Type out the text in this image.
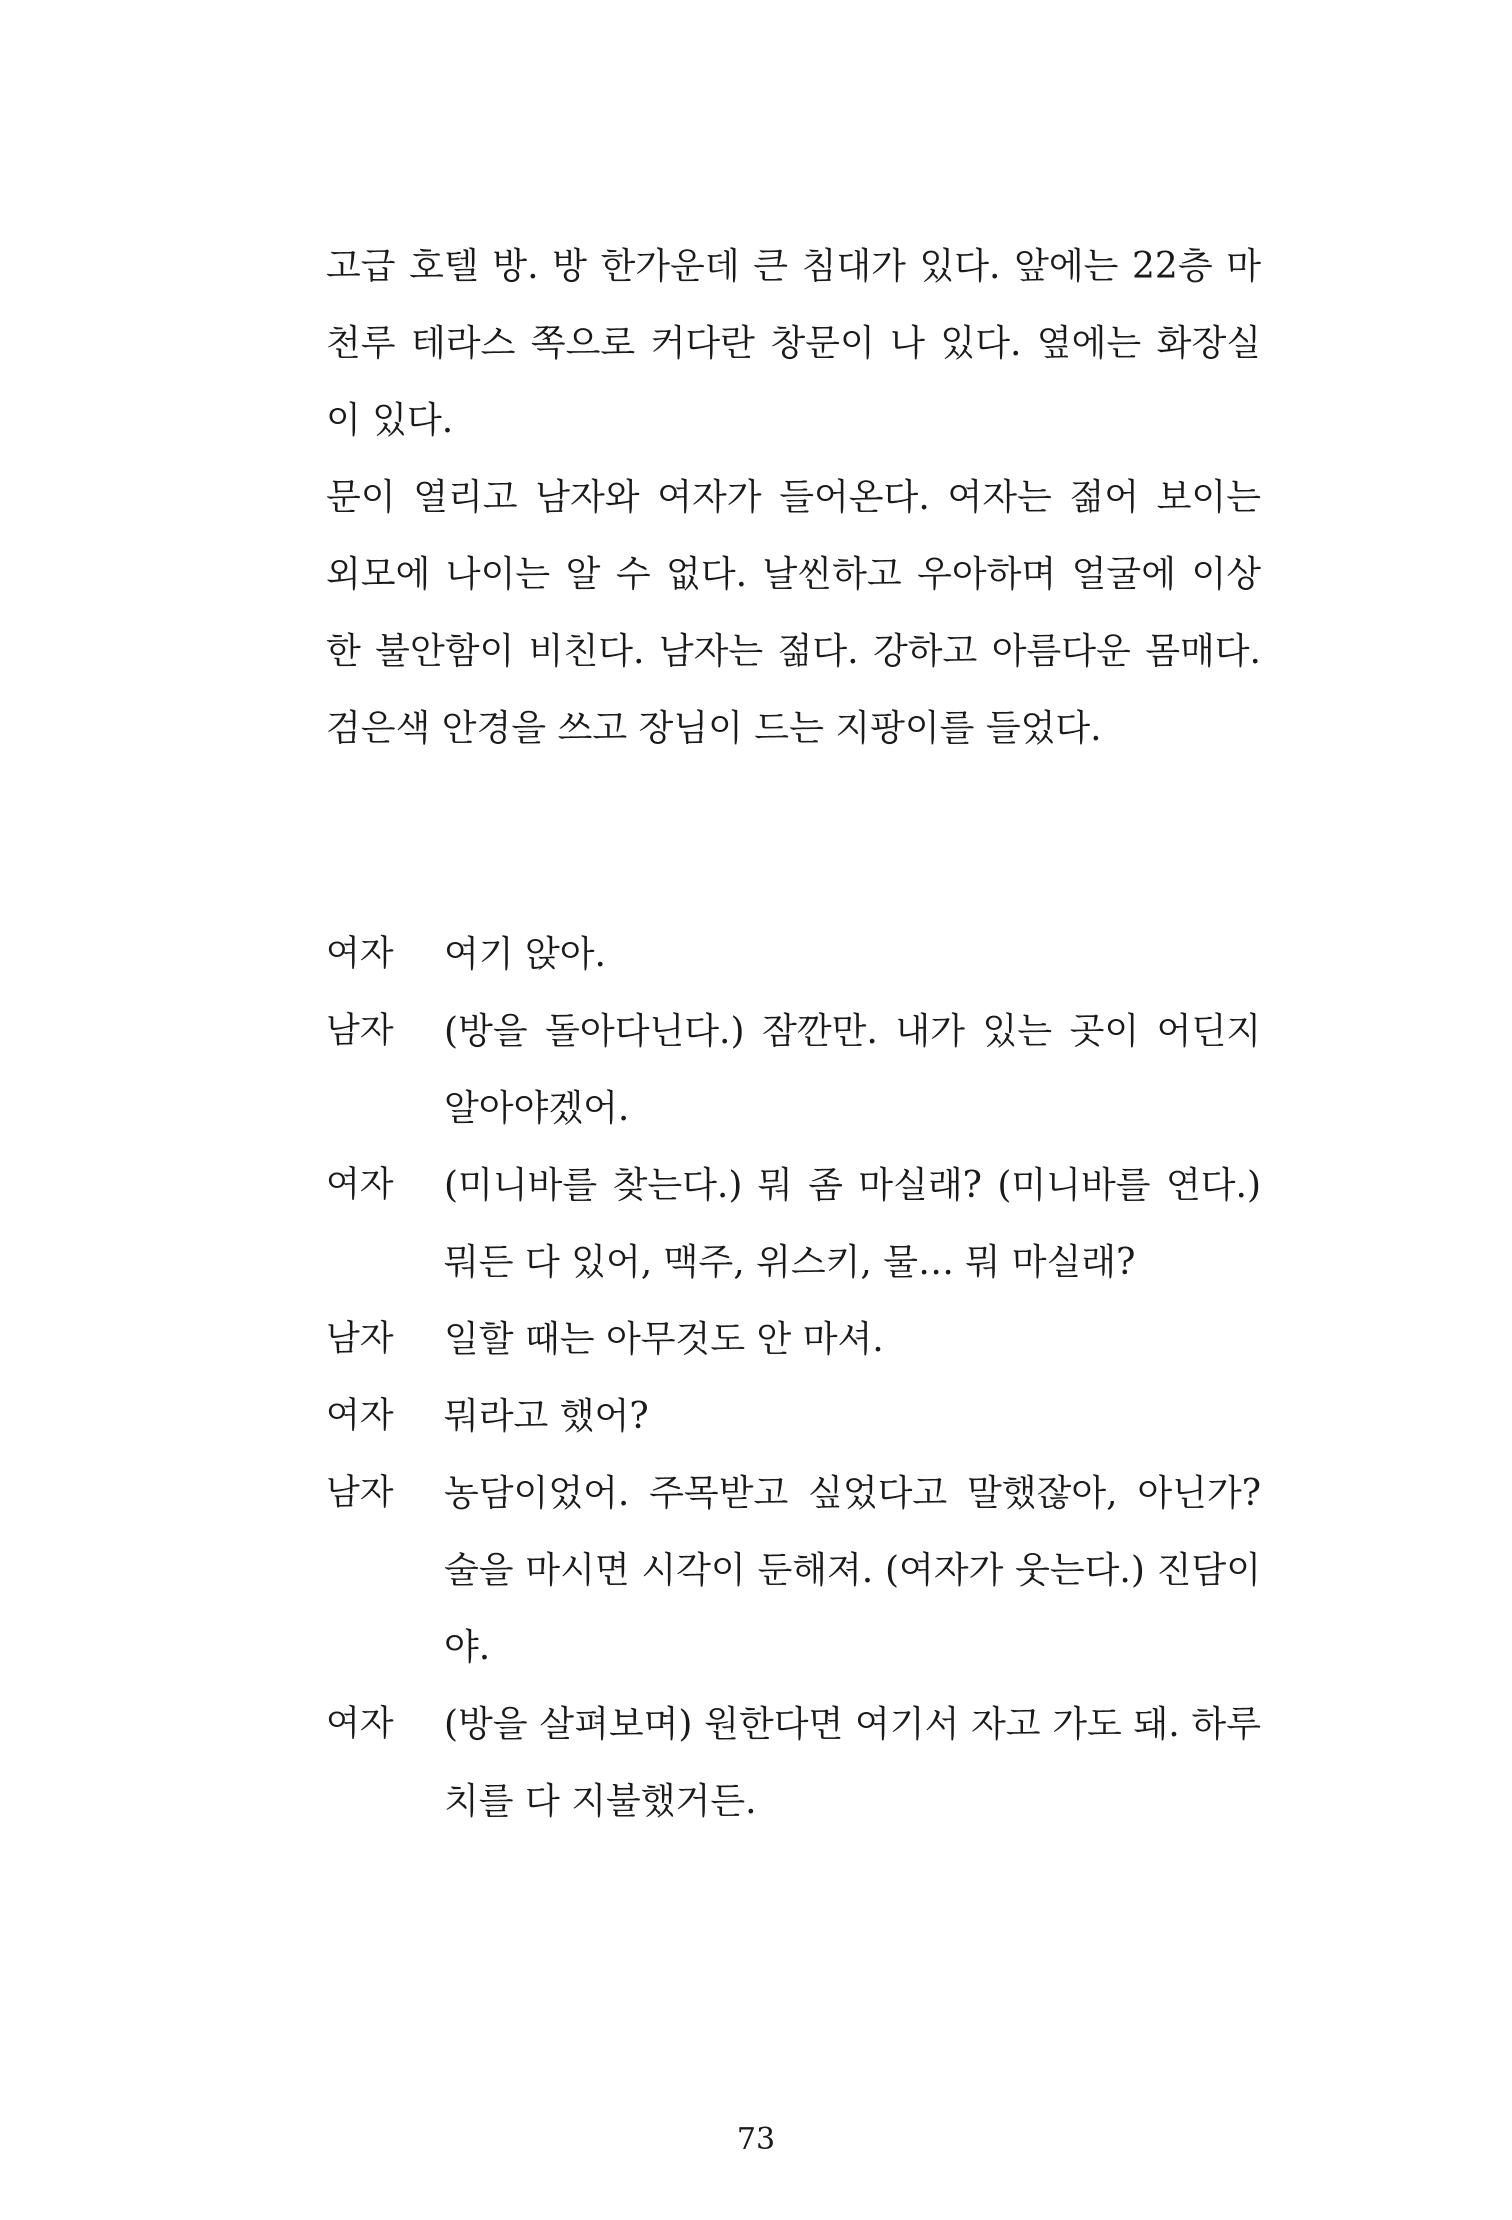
고급 호텔 방. 방 한가운데 큰 침대가 있다. 앞에는 22층 마천루 테라스 쪽으로 커다란 창문이 나 있다. 옆에는 화장실이 있다.

문이 열리고 남자와 여자가 들어온다. 여자는 젊어 보이는 외모에 나이는 알 수 없다. 날씬하고 우아하며 얼굴에 이상한 불안함이 비친다. 남자는 젊다. 강하고 아름다운 몸매다. 검은색 안경을 쓰고 장님이 드는 지팡이를 들었다.

여자	여기 앉아.
남자	(방을 돌아다닌다.) 잠깐만. 내가 있는 곳이 어딘지 알아야겠어.
여자	(미니바를 찾는다.) 뭐 좀 마실래? (미니바를 연다.) 뭐든 다 있어, 맥주, 위스키, 물… 뭐 마실래?
남자	일할 때는 아무것도 안 마셔.
여자	뭐라고 했어?
남자	농담이었어. 주목받고 싶었다고 말했잖아, 아닌가? 술을 마시면 시각이 둔해져. (여자가 웃는다.) 진담이야.
여자	(방을 살펴보며) 원한다면 여기서 자고 가도 돼. 하루치를 다 지불했거든.
73
